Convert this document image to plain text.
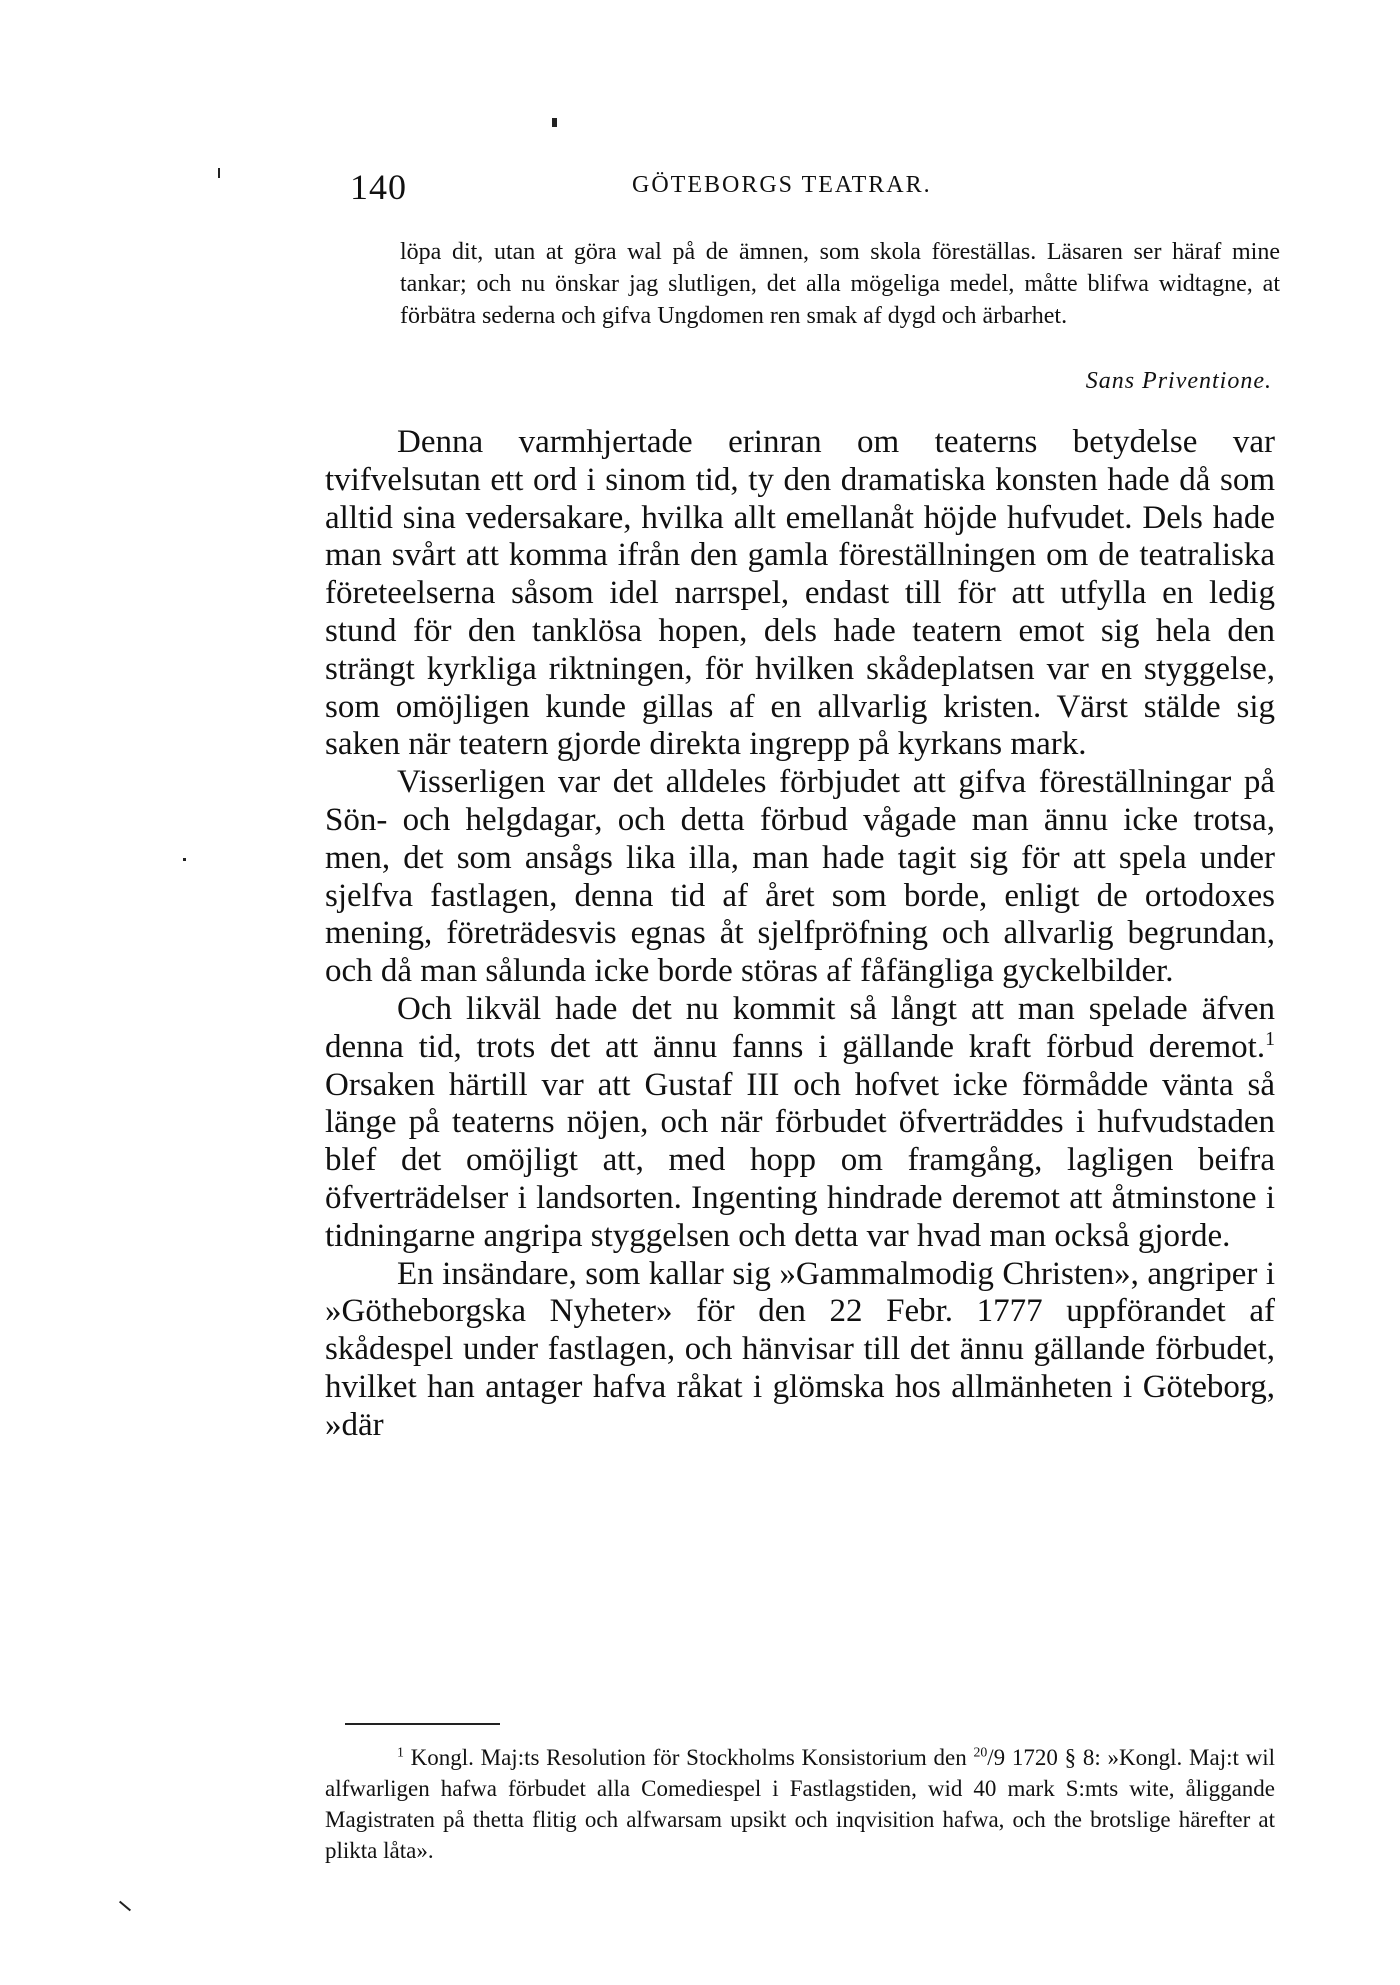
140	GÖTEBORGS TEATRAR.

löpa dit, utan at göra wal på de ämnen, som skola föreställas. Läsaren ser häraf mine tankar; och nu önskar jag slutligen, det alla mögeliga medel, måtte blifwa widtagne, at förbätra sederna och gifva Ungdomen ren smak af dygd och ärbarhet.

Sans Priventione.

Denna varmhjertade erinran om teaterns betydelse var tvifvelsutan ett ord i sinom tid, ty den dramatiska konsten hade då som alltid sina vedersakare, hvilka allt emellanåt höjde hufvudet. Dels hade man svårt att komma ifrån den gamla föreställningen om de teatraliska företeelserna såsom idel narrspel, endast till för att utfylla en ledig stund för den tanklösa hopen, dels hade teatern emot sig hela den strängt kyrkliga riktningen, för hvilken skådeplatsen var en styggelse, som omöjligen kunde gillas af en allvarlig kristen. Värst stälde sig saken när teatern gjorde direkta ingrepp på kyrkans mark.

Visserligen var det alldeles förbjudet att gifva föreställningar på Sön- och helgdagar, och detta förbud vågade man ännu icke trotsa, men, det som ansågs lika illa, man hade tagit sig för att spela under sjelfva fastlagen, denna tid af året som borde, enligt de ortodoxes mening, företrädesvis egnas åt sjelfpröfning och allvarlig begrundan, och då man sålunda icke borde störas af fåfängliga gyckelbilder.

Och likväl hade det nu kommit så långt att man spelade äfven denna tid, trots det att ännu fanns i gällande kraft förbud deremot.$^1$ Orsaken härtill var att Gustaf III och hofvet icke förmådde vänta så länge på teaterns nöjen, och när förbudet öfverträddes i hufvudstaden blef det omöjligt att, med hopp om framgång, lagligen beifra öfverträdelser i landsorten. Ingenting hindrade deremot att åtminstone i tidningarne angripa styggelsen och detta var hvad man också gjorde.

En insändare, som kallar sig »Gammalmodig Christen», angriper i »Götheborgska Nyheter» för den 22 Febr. 1777 uppförandet af skådespel under fastlagen, och hänvisar till det ännu gällande förbudet, hvilket han antager hafva råkat i glömska hos allmänheten i Göteborg, »där

$^1$ Kongl. Maj:ts Resolution för Stockholms Konsistorium den $^{20}$/9 1720 § 8: »Kongl. Maj:t wil alfwarligen hafwa förbudet alla Comediespel i Fastlagstiden, wid 40 mark S:mts wite, åliggande Magistraten på thetta flitig och alfwarsam upsikt och inqvisition hafwa, och the brotslige härefter at plikta låta».
